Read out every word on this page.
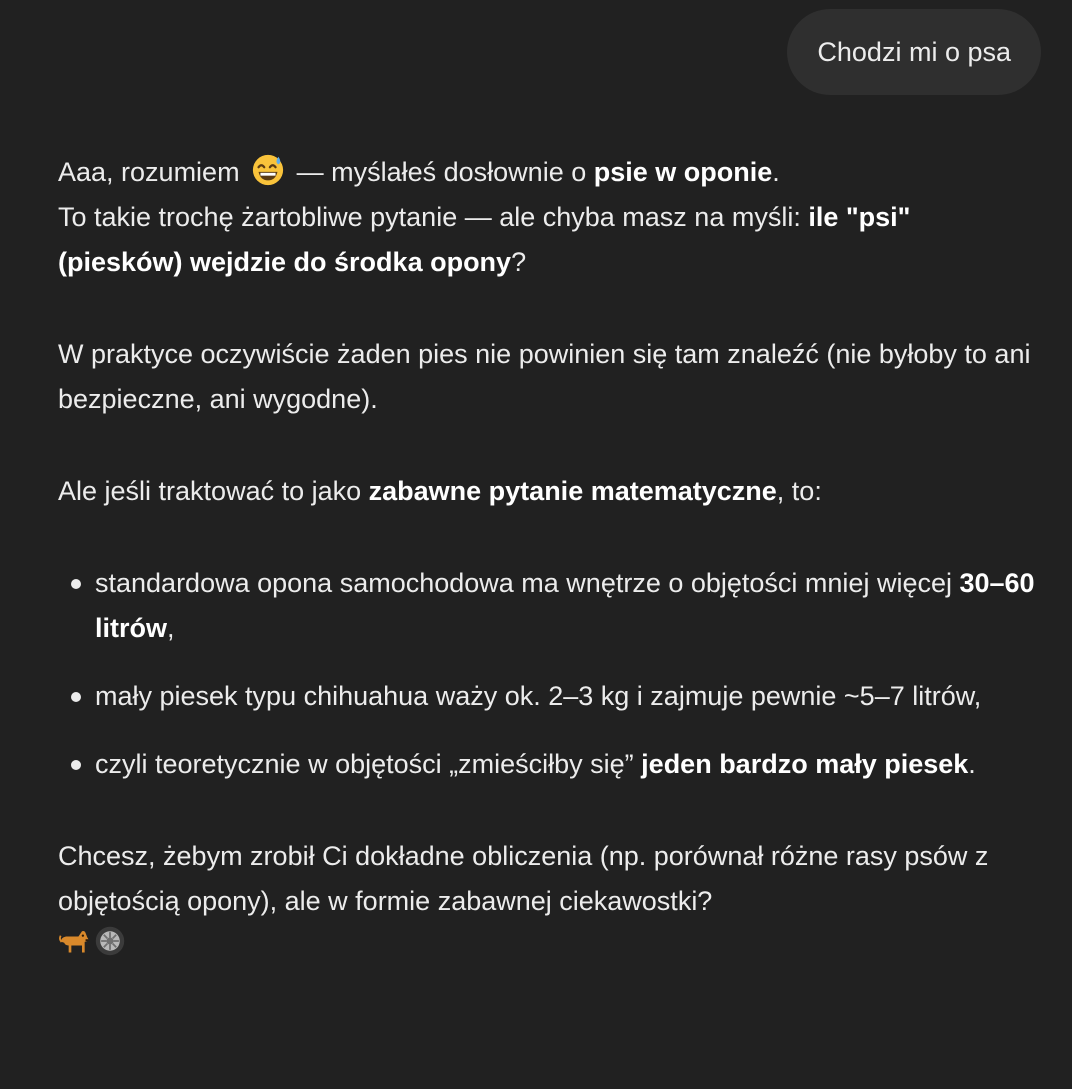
Chodzi mi o psa

Aaa, rozumiem  — myślałeś dosłownie o psie w oponie.
To takie trochę żartobliwe pytanie — ale chyba masz na myśli: ile "psi" (piesków) wejdzie do środka opony?

W praktyce oczywiście żaden pies nie powinien się tam znaleźć (nie byłoby to ani bezpieczne, ani wygodne).

Ale jeśli traktować to jako zabawne pytanie matematyczne, to:

standardowa opona samochodowa ma wnętrze o objętości mniej więcej 30–60 litrów,
mały piesek typu chihuahua waży ok. 2–3 kg i zajmuje pewnie ~5–7 litrów,
czyli teoretycznie w objętości „zmieściłby się” jeden bardzo mały piesek.

Chcesz, żebym zrobił Ci dokładne obliczenia (np. porównał różne rasy psów z objętością opony), ale w formie zabawnej ciekawostki?
